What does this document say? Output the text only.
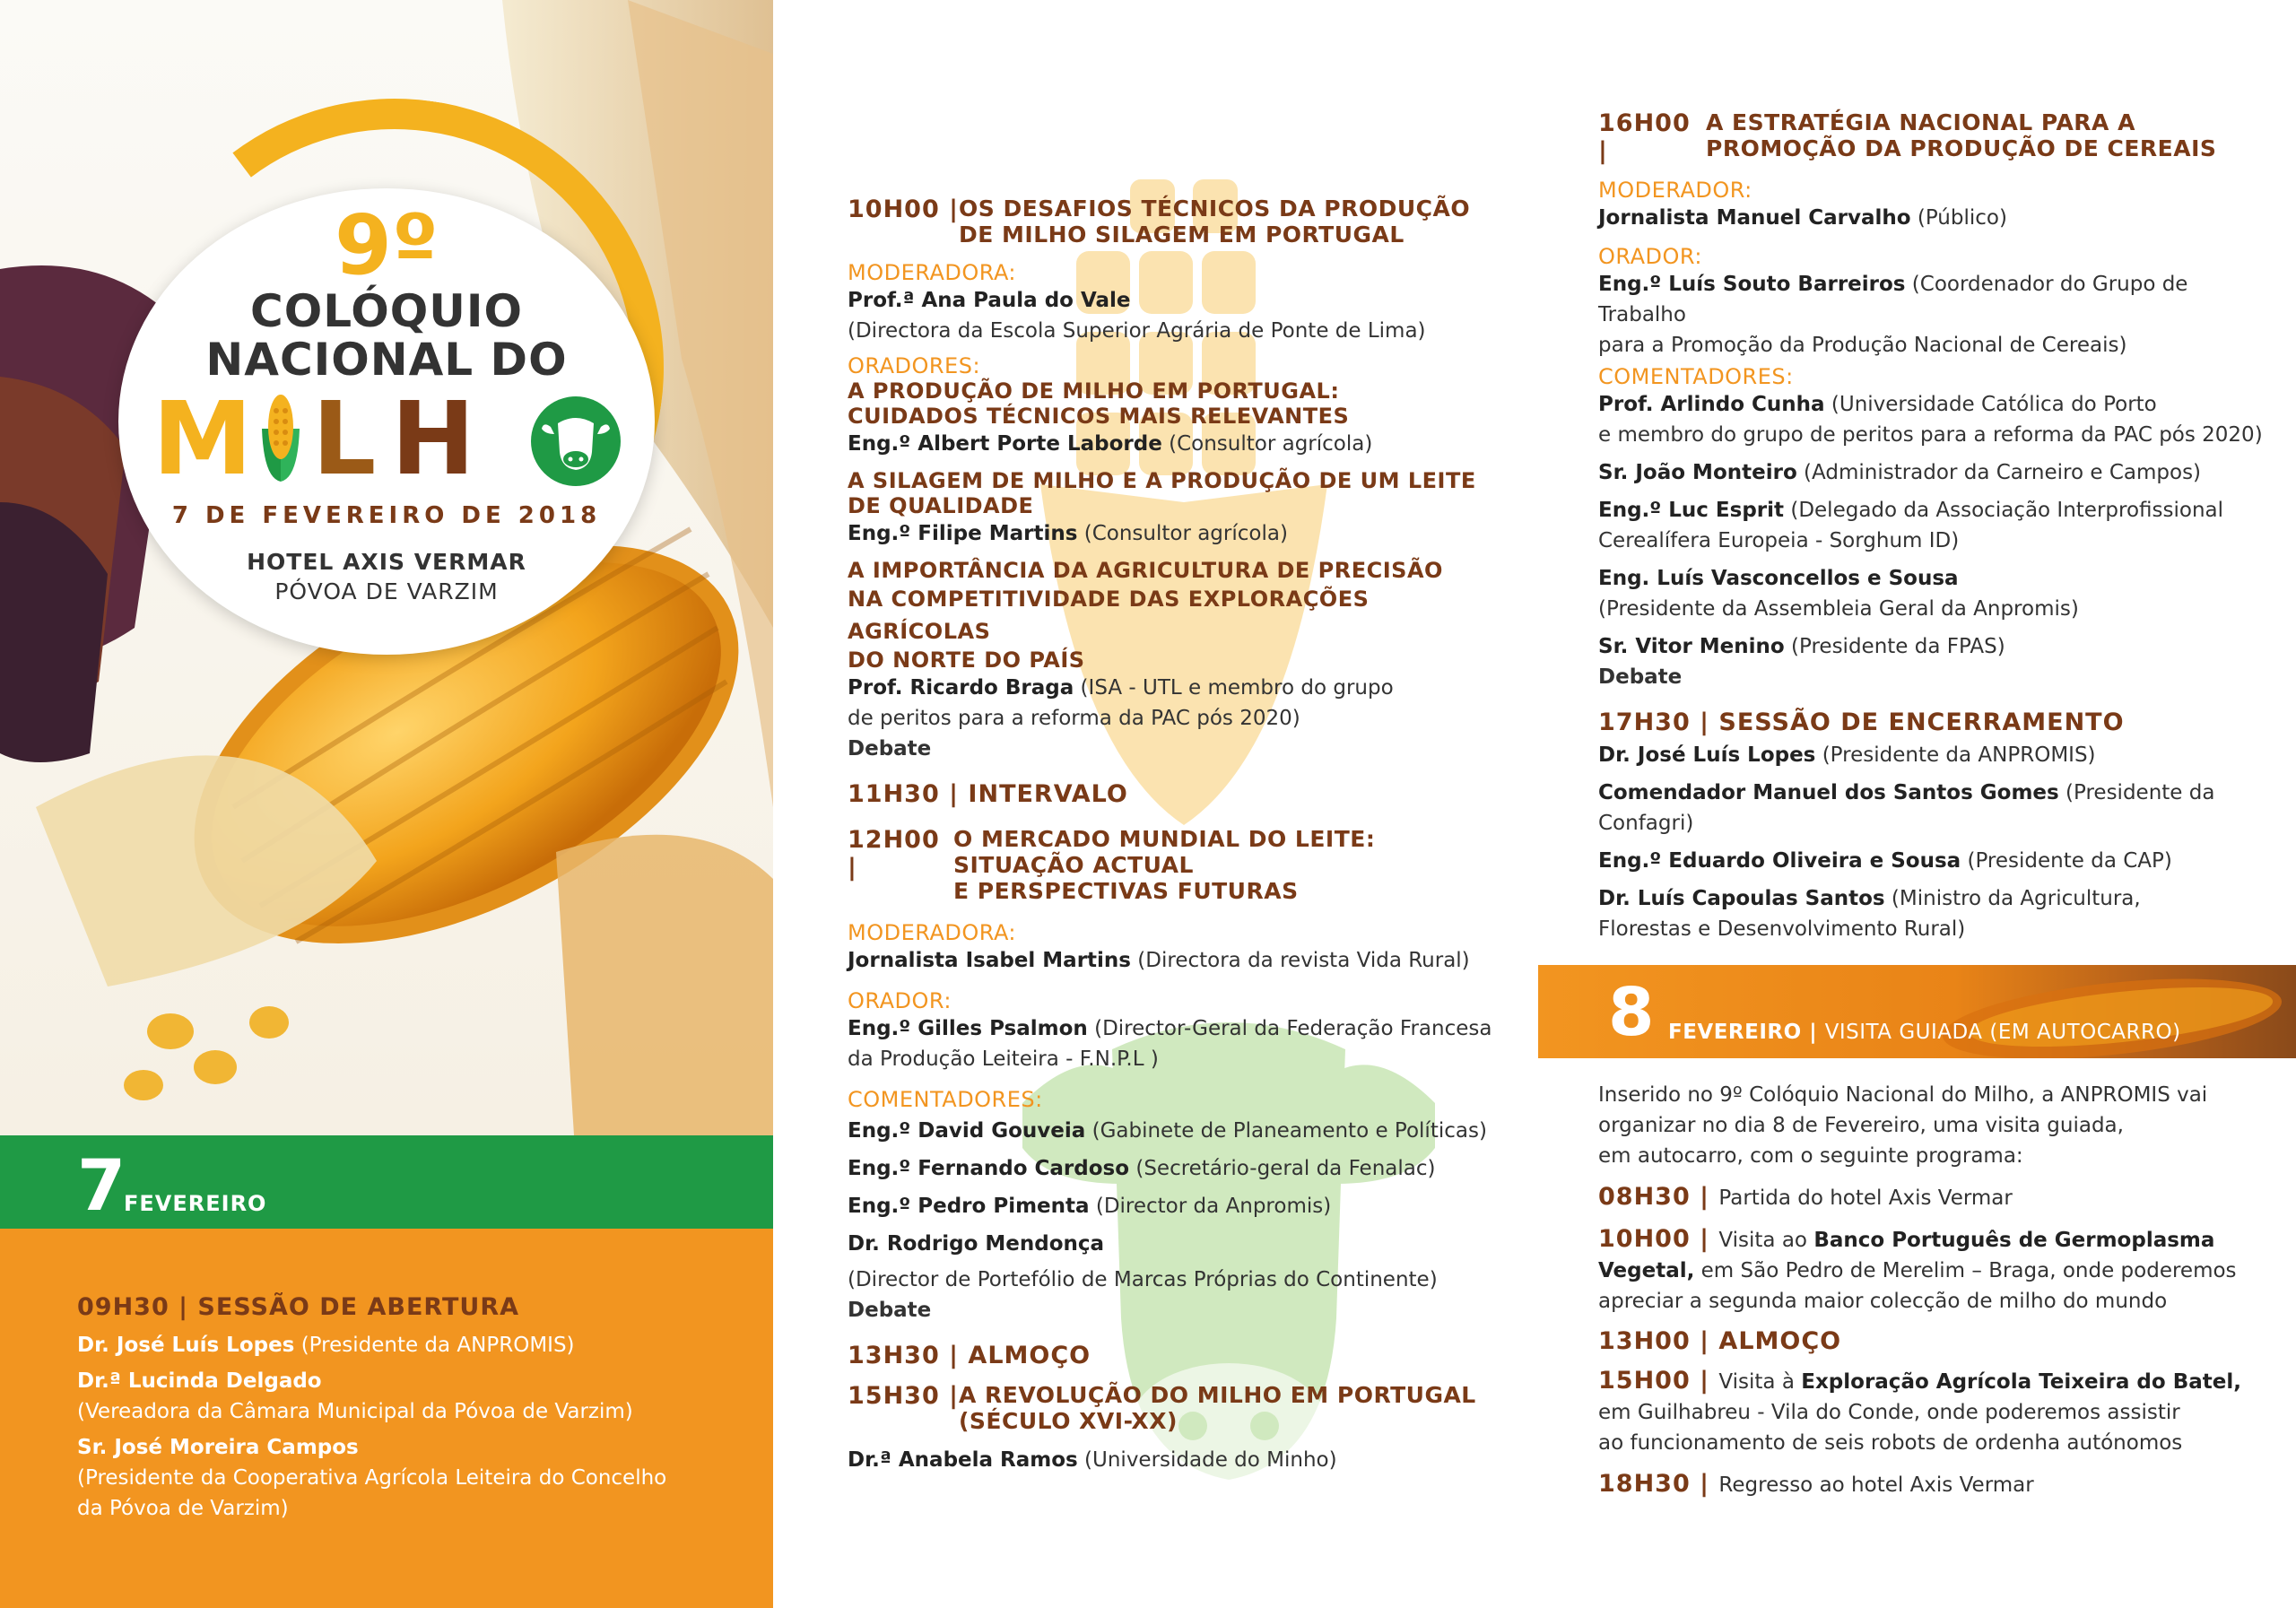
9º
COLÓQUIO
NACIONAL DO
M L H
7 DE FEVEREIRO DE 2018
HOTEL AXIS VERMAR
PÓVOA DE VARZIM
7
FEVEREIRO
09H30 | SESSÃO DE ABERTURA
Dr. José Luís Lopes (Presidente da ANPROMIS)
Dr.ª Lucinda Delgado
(Vereadora da Câmara Municipal da Póvoa de Varzim)
Sr. José Moreira Campos
(Presidente da Cooperativa Agrícola Leiteira do Concelho
da Póvoa de Varzim)
10H00 | OS DESAFIOS TÉCNICOS DA PRODUÇÃO
DE MILHO SILAGEM EM PORTUGAL
MODERADORA:
Prof.ª Ana Paula do Vale
(Directora da Escola Superior Agrária de Ponte de Lima)
ORADORES:
A PRODUÇÃO DE MILHO EM PORTUGAL:
CUIDADOS TÉCNICOS MAIS RELEVANTES
Eng.º Albert Porte Laborde (Consultor agrícola)
A SILAGEM DE MILHO E A PRODUÇÃO DE UM LEITE
DE QUALIDADE
Eng.º Filipe Martins (Consultor agrícola)
A IMPORTÂNCIA DA AGRICULTURA DE PRECISÃO
NA COMPETITIVIDADE DAS EXPLORAÇÕES AGRÍCOLAS
DO NORTE DO PAÍS
Prof. Ricardo Braga (ISA - UTL e membro do grupo
de peritos para a reforma da PAC pós 2020)
Debate
11H30 | INTERVALO
12H00 |
O MERCADO MUNDIAL DO LEITE:
SITUAÇÃO ACTUAL
E PERSPECTIVAS FUTURAS
MODERADORA:
Jornalista Isabel Martins (Directora da revista Vida Rural)
ORADOR:
Eng.º Gilles Psalmon (Director-Geral da Federação Francesa
da Produção Leiteira - F.N.P.L )
COMENTADORES:
Eng.º David Gouveia (Gabinete de Planeamento e Políticas)
Eng.º Fernando Cardoso (Secretário-geral da Fenalac)
Eng.º Pedro Pimenta (Director da Anpromis)
Dr. Rodrigo Mendonça
(Director de Portefólio de Marcas Próprias do Continente)
Debate
13H30 | ALMOÇO
15H30 | A REVOLUÇÃO DO MILHO EM PORTUGAL
(SÉCULO XVI-XX)
Dr.ª Anabela Ramos (Universidade do Minho)
16H00 |
A ESTRATÉGIA NACIONAL PARA A
PROMOÇÃO DA PRODUÇÃO DE CEREAIS
MODERADOR:
Jornalista Manuel Carvalho (Público)
ORADOR:
Eng.º Luís Souto Barreiros (Coordenador do Grupo de Trabalho
para a Promoção da Produção Nacional de Cereais)
COMENTADORES:
Prof. Arlindo Cunha (Universidade Católica do Porto
e membro do grupo de peritos para a reforma da PAC pós 2020)
Sr. João Monteiro (Administrador da Carneiro e Campos)
Eng.º Luc Esprit (Delegado da Associação Interprofissional
Cerealífera Europeia - Sorghum ID)
Eng. Luís Vasconcellos e Sousa
(Presidente da Assembleia Geral da Anpromis)
Sr. Vitor Menino (Presidente da FPAS)
Debate
17H30 | SESSÃO DE ENCERRAMENTO
Dr. José Luís Lopes (Presidente da ANPROMIS)
Comendador Manuel dos Santos Gomes (Presidente da Confagri)
Eng.º Eduardo Oliveira e Sousa (Presidente da CAP)
Dr. Luís Capoulas Santos (Ministro da Agricultura,
Florestas e Desenvolvimento Rural)
8 FEVEREIRO | VISITA GUIADA (EM AUTOCARRO)
Inserido no 9º Colóquio Nacional do Milho, a ANPROMIS vai
organizar no dia 8 de Fevereiro, uma visita guiada,
em autocarro, com o seguinte programa:
08H30 | Partida do hotel Axis Vermar
10H00 | Visita ao Banco Português de Germoplasma
Vegetal, em São Pedro de Merelim – Braga, onde poderemos
apreciar a segunda maior colecção de milho do mundo
13H00 | ALMOÇO
15H00 | Visita à Exploração Agrícola Teixeira do Batel,
em Guilhabreu - Vila do Conde, onde poderemos assistir
ao funcionamento de seis robots de ordenha autónomos
18H30 | Regresso ao hotel Axis Vermar
